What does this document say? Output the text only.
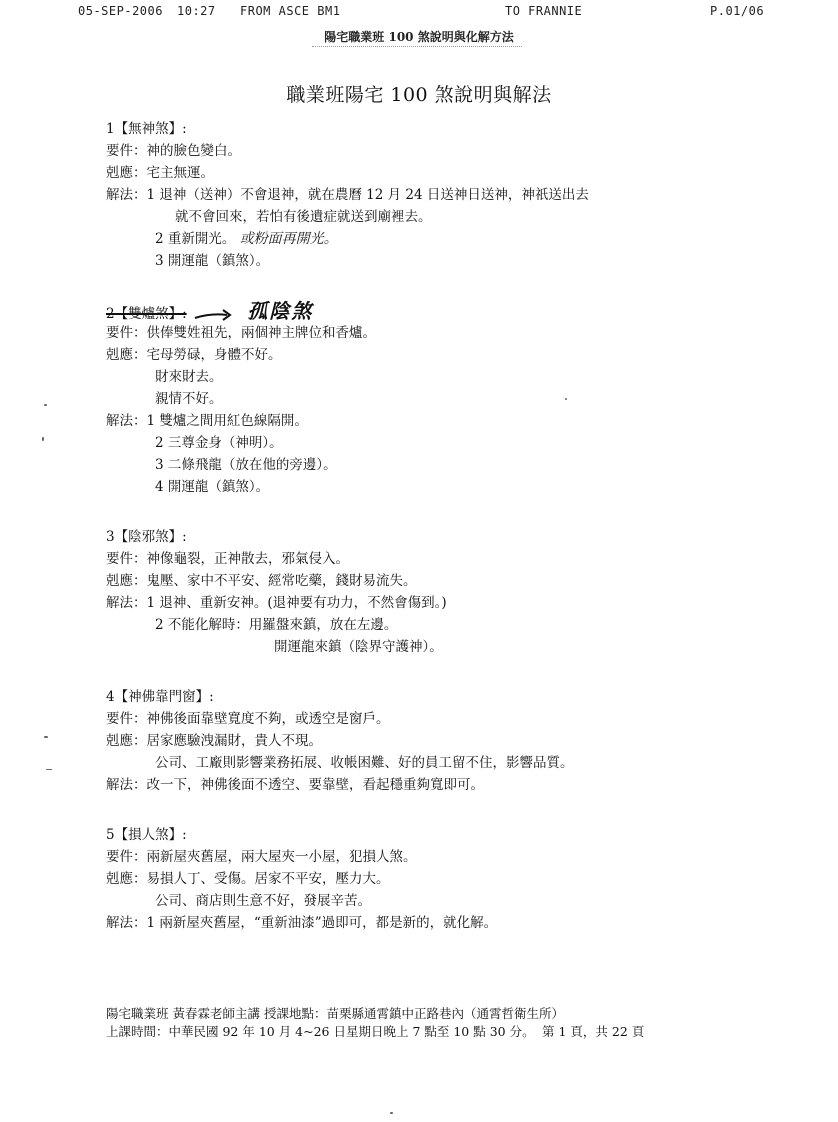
05-SEP-2006 10:27 FROM ASCE BM1	TO FRANNIE	P.01/06
陽宅職業班 100 煞說明與化解方法
職業班陽宅 100 煞說明與解法
1【無神煞】:
要件：神的臉色變白。
剋應：宅主無運。
解法：1 退神（送神）不會退神，就在農曆 12 月 24 日送神日送神，神祇送出去
就不會回來，若怕有後遺症就送到廟裡去。
2 重新開光。 或粉面再開光。
3 開運龍（鎮煞）。
2【雙爐煞】:	孤陰煞
要件：供俸雙姓祖先，兩個神主牌位和香爐。
剋應：宅母勞碌，身體不好。
財來財去。
親情不好。
解法：1 雙爐之間用紅色線隔開。
2 三尊金身（神明）。
3 二條飛龍（放在他的旁邊）。
4 開運龍（鎮煞）。
3【陰邪煞】:
要件：神像龜裂，正神散去，邪氣侵入。
剋應：鬼壓、家中不平安、經常吃藥，錢財易流失。
解法：1 退神、重新安神。(退神要有功力，不然會傷到。)
2 不能化解時：用羅盤來鎮，放在左邊。
開運龍來鎮（陰界守護神）。
4【神佛靠門窗】:
要件：神佛後面靠壁寬度不夠，或透空是窗戶。
剋應：居家應驗洩漏財，貴人不現。
公司、工廠則影響業務拓展、收帳困難、好的員工留不住，影響品質。
解法：改一下，神佛後面不透空、要靠壁，看起穩重夠寬即可。
5【損人煞】:
要件：兩新屋夾舊屋，兩大屋夾一小屋，犯損人煞。
剋應：易損人丁、受傷。居家不平安，壓力大。
公司、商店則生意不好，發展辛苦。
解法：1 兩新屋夾舊屋，“重新油漆”過即可，都是新的，就化解。
陽宅職業班 黃春霖老師主講 授課地點：苗栗縣通霄鎮中正路巷內（通霄哲衛生所）
上課時間：中華民國 92 年 10 月 4~26 日星期日晚上 7 點至 10 點 30 分。 第 1 頁，共 22 頁
